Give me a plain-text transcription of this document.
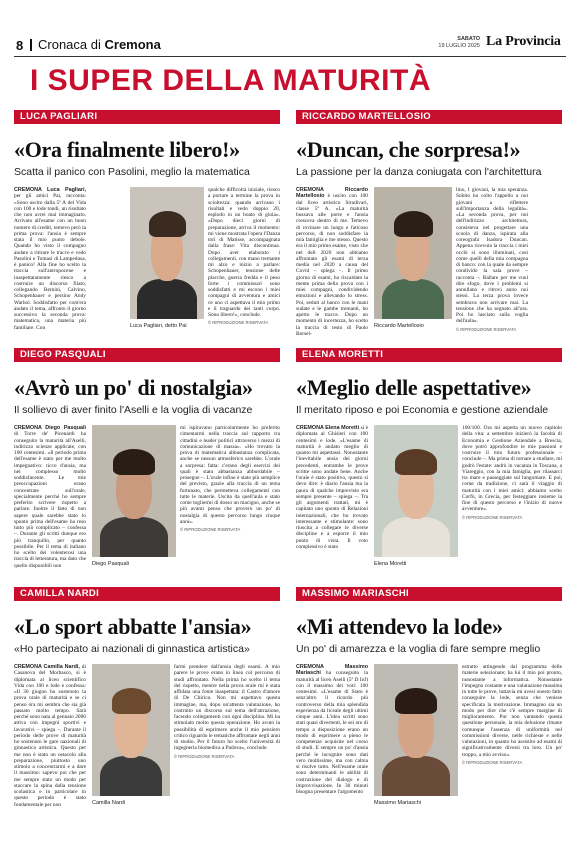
8 Cronaca di Cremona	SABATO
19 LUGLIO 2025 La Provincia
I SUPER DELLA MATURITÀ
LUCA PAGLIARI
«Ora finalmente libero!»
Scatta il panico con Pasolini, meglio la matematica
CREMONA Luca Pagliari, per gli amici Pai, racconta: «Sono uscito dalla 5ª A del Vida con 100 e lode tondi, un risultato che non avrei mai immaginato. Arrivato all'esame con un buon numero di crediti, temevo però la prima prova: l'ansia è sempre stata il mio punto debole. Quando ho visto il compagno andare a ritirare le tracce e vedo Pasolini e Tomasi di Lampedusa, è panico! Alla fine ho scelto la traccia sull'antropocene e inaspettatamente riesco a costruire un discorso filato, collegando Bernini, Calvino, Schopenhauer e persino Andy Warhol. Soddisfatto per com'era andato il tema, affronto il giorno successivo la seconda prova: matematica, una materia più familiare. Con	Luca Pagliari, detto Pai
qualche difficoltà iniziale, riesco a portare a termine la prova in scioltezza: quando arrivano i risultati e vedo doppio 20, esplodo in un boato di gioia». «Dopo dieci giorni di preparazione, arriva il momento: mi viene mostrata l'opera l'Danza tori di Matisse, accompagnata dalla frase: Vita discontinua. Dopo aver elaborato i collegamenti, con mano tremante mi alzo e inizio a parlare: Schopenhauer, tensione delle placche, guerra fredda e il peso forte: i commissari sono soddisfatti e mi escono i miei compagni di avventura e amici ce uno ci aspettava il mio primo e il traguardo dei tanti corpo. Sono libero!», conclude.
© RIPRODUZIONE RISERVATA
RICCARDO MARTELLOSIO
«Duncan, che sorpresa!»
La passione per la danza coniugata con l'architettura
CREMONA Riccardo Martellosio è uscito con 100 dal liceo artistico Stradivari, classe 5ª A. «La maturità bussava alle porte e l'ansia cresceva dentro di me. Temevo di rovinare un lungo e faticoso percorso, di non soddisfare la mia famiglia e me stesso. Questo era il mio primo esame, visto che nel dell 2020 non abbiamo affrontato gli esami di terza media nel 2020 a causa del Covid – spiega –. Il primo giorno di esami, ho riscaldato la mente prima della prova con i miei compagni, condividendo emozioni e allevando lo stress. Poi, seduti al banco con le mani sudate e le gambe tremanti, ho aperto le tracce. Dopo un momento di incertezza, ho scelto la traccia di testo di Paolo Borsel-
Riccardo Martellosio
lino, I giovani, la mia speranza. Subito ho colto l'appello a noi giovani a riflettere sull'importanza della legalità». «La seconda prova, per noi dell'indirizzo architettura, consisteva nel progettare una scuola di danza, ispirata alla coreografa Isadora Duncan. Appena ricevuta la traccia i miei occhi si sono illuminati, così come quelli della mia compagna di banco: con la quale da sempre condivido la sala prove – racconta –. Ballare per me vuol dire sfogo, dove i problemi si annullano e ritrovi anno noi stessi. La terza prova invece sembrava non arrivare mai. La tensione che ha segnato all'ora. Poi ho lasciato sulla voglia dell'aula».
© RIPRODUZIONE RISERVATA
DIEGO PASQUALI
«Avrò un po' di nostalgia»
Il sollievo di aver finito l'Aselli e la voglia di vacanze
CREMONA Diego Pasquali di Torre de' Picenardi ha conseguito la maturità all'Aselli, indirizzo scienze applicate, con 100 centesimi. «Il periodo prima dell'esame è stato per me molto impegnativo: ricco d'ansia, ma nel complesso molto soddisfacente. Le mie preoccupazioni erano concentrate sull'orale, specialmente perché ho sempre preferito scrivere rispetto a parlare. Inoltre il fatto di non sapere quale sarebbe stato lo spunto prima dell'esame ha reso tutto più complicato – confessa –. Durante gli scritti dunque ero più tranquillo, per quanto possibile. Per il tema di italiano ho scelto dei volenterosi una traccia di letteratura, ma dato che quello disponibili non	Diego Pasquali
mi ispiravano particolarmente ho preferito cimentarmi nella traccia sul rapporto tra cittadini e leader politici attraverso i mezzi di comunicazione di massa». «Ho trovato la prova di matematica abbastanza complicata, anche se nessun atmosferico sarebbe. L'orale a sorpresa: fatta: c'erano degli esercizi dei quali è stato abbastanza abbordabile – prosegue –. L'orale infine è stato più semplice del previsto, grazie alla traccia di un tema fortunato, che permetteva collegamenti con tutte le materie. Uscito da quell'aula e stato come togliermi di dosso un macigno, anche se più avanti penso che proverò un po' di nostalgia di questo percorso lungo cinque anni».
© RIPRODUZIONE RISERVATA
ELENA MORETTI
«Meglio delle aspettative»
Il meritato riposo e poi Economia e gestione aziendale
CREMONA Elena Moretti si è diplomata al Ghisleri con 100 centesimi e lode. «L'esame di maturità è andato meglio di quanto mi aspettassi. Nonostante l'inevitabile ansia dei giorni precedenti, entrambe le prove scritte sono andate bene. Anche l'orale è stato positivo, questo sì devo dire: è diario l'ansia ma la paura di qualche imprevisto era sempre presente – spiega –. Tra gli argomenti trattati, mi è capitato uno spunto di Relazioni internazionali, che ho trovato interessante e stimolante: sono riuscita a collegare le diverse discipline e a esporre il mio punto di vista. Il voto complessivo è stato
Elena Moretti
100/100. Ora mi aspetta un nuovo capitolo della vita: a settembre inizierò la facoltà di Economia e Gestione Aziendale a Brescia, dove potrò approfondire le mie passioni e costruire il mio futuro professionale – conclude –. Ma prima di tornare a studiare, mi godrò l'estate: andrò in vacanza in Toscana, a Viareggio, con la mia famiglia, per rilassarci tra mare e passeggiate sul lungomare. E poi, come da tradizione, ci sarà il viaggio di maturità con i miei amici: abbiamo scelto Corfù, in Grecia, per festeggiare insieme la fine di questo percorso e l'inizio di nuove avventure».
© RIPRODUZIONE RISERVATA
CAMILLA NARDI
«Lo sport abbatte l'ansia»
«Ho partecipato ai nazionali di ginnastica artistica»
CREMONA Camilla Nardi, di Casanova del Morbasco, si è diplomata al liceo scientifico Vida con 100 e lode e confessa: «Il 30 giugno ho sostenuto la prova orale di maturità e se ci penso ora mi sembra che sia già passato molto tempo. Sarà perché sono nata al gennaio 2006 attiva con impegni sportivi e lavorativi – spiega –. Durante il periodo delle prove di maturità ho sostenuto le gare nazionali di ginnastica artistica. Questo per me non è stato un ostacolo alla preparazione, piuttosto uno stimolo a concentrarmi e a dare il massimo: sapevo poi che per me sempre stato un modo per staccare la spina dalla tensione scolastica e in particolare in questo periodo è stato fondamentale per non	Camilla Nardi
farmi prendere dall'ansia degli esami. A mio parere le prove erano in linea col percorso di studi affrontato. Nella prima ho scelto il tema del rispetto, mentre nella prova orale mi è stata affidata una fonte inaspettata: il Castro d'amore di De Chirico. Non mi aspettavo questa immagine, ma, dopo un'attenta valutazione, ho costruito un discorso sul tema dell'attrazione, facendo collegamenti con ogni disciplina. Mi ha stimolato molto questa operazione. Ho avuto la possibilità di esprimere anche il mio pensiero critico riguardo le tematiche affrontate negli anni di studio. Per il futuro ho scelto l'università di ingegneria biomedica a Padova», conclude.
© RIPRODUZIONE RISERVATA
MASSIMO MARIASCHI
«Mi attendevo la lode»
Un po' di amarezza e la voglia di fare sempre meglio
CREMONA Massimo Mariaschi ha conseguito la maturità al liceo Aselli (5ª D Inf) con il massimo dei voti: 100 centesimi. «L'esame di Stato è senz'altro il ricordo più controverso della mia splendida esperienza da liceale degli ultimi cinque anni. L'idea scritti sono stati quasi divertenti, le sei ore di tempo a disposizione erano un modo di esprimere a pieno le competenze acquisite nel corso di studi. E sempre un po' d'ansia perché le incognite sono dati vero moltissime, ma con calma si risolve tutto. Nell'esame orale sono determinanti le abilità di costruzione del dialogo e di improvvisazione. In 30 minuti bisogna presentare l'argomento
Massimo Mariaschi
estratto attingendo dal programma delle materie selezionate; ha lui il mio poi pronto, nonostante a informatica. Nonostante l'impegno costante e una valutazione massima in tutte le prove, tuttavia mi avesi onesto fatto conseguire la lode, senza che venisse specificata la motivazione. Immagino sia un modo per dire che c'è sempre margine di miglioramento. Pur non vantando questa questione personale, la mia delusione rimane comunque l'assenza di uniformità nel commissioni diverse, nelle richieste e nelle valutazioni, in quanto ho assistito ad esami di significativamente diversi tra loro. Un po' troppo, a mio avviso».
© RIPRODUZIONE RISERVATA
